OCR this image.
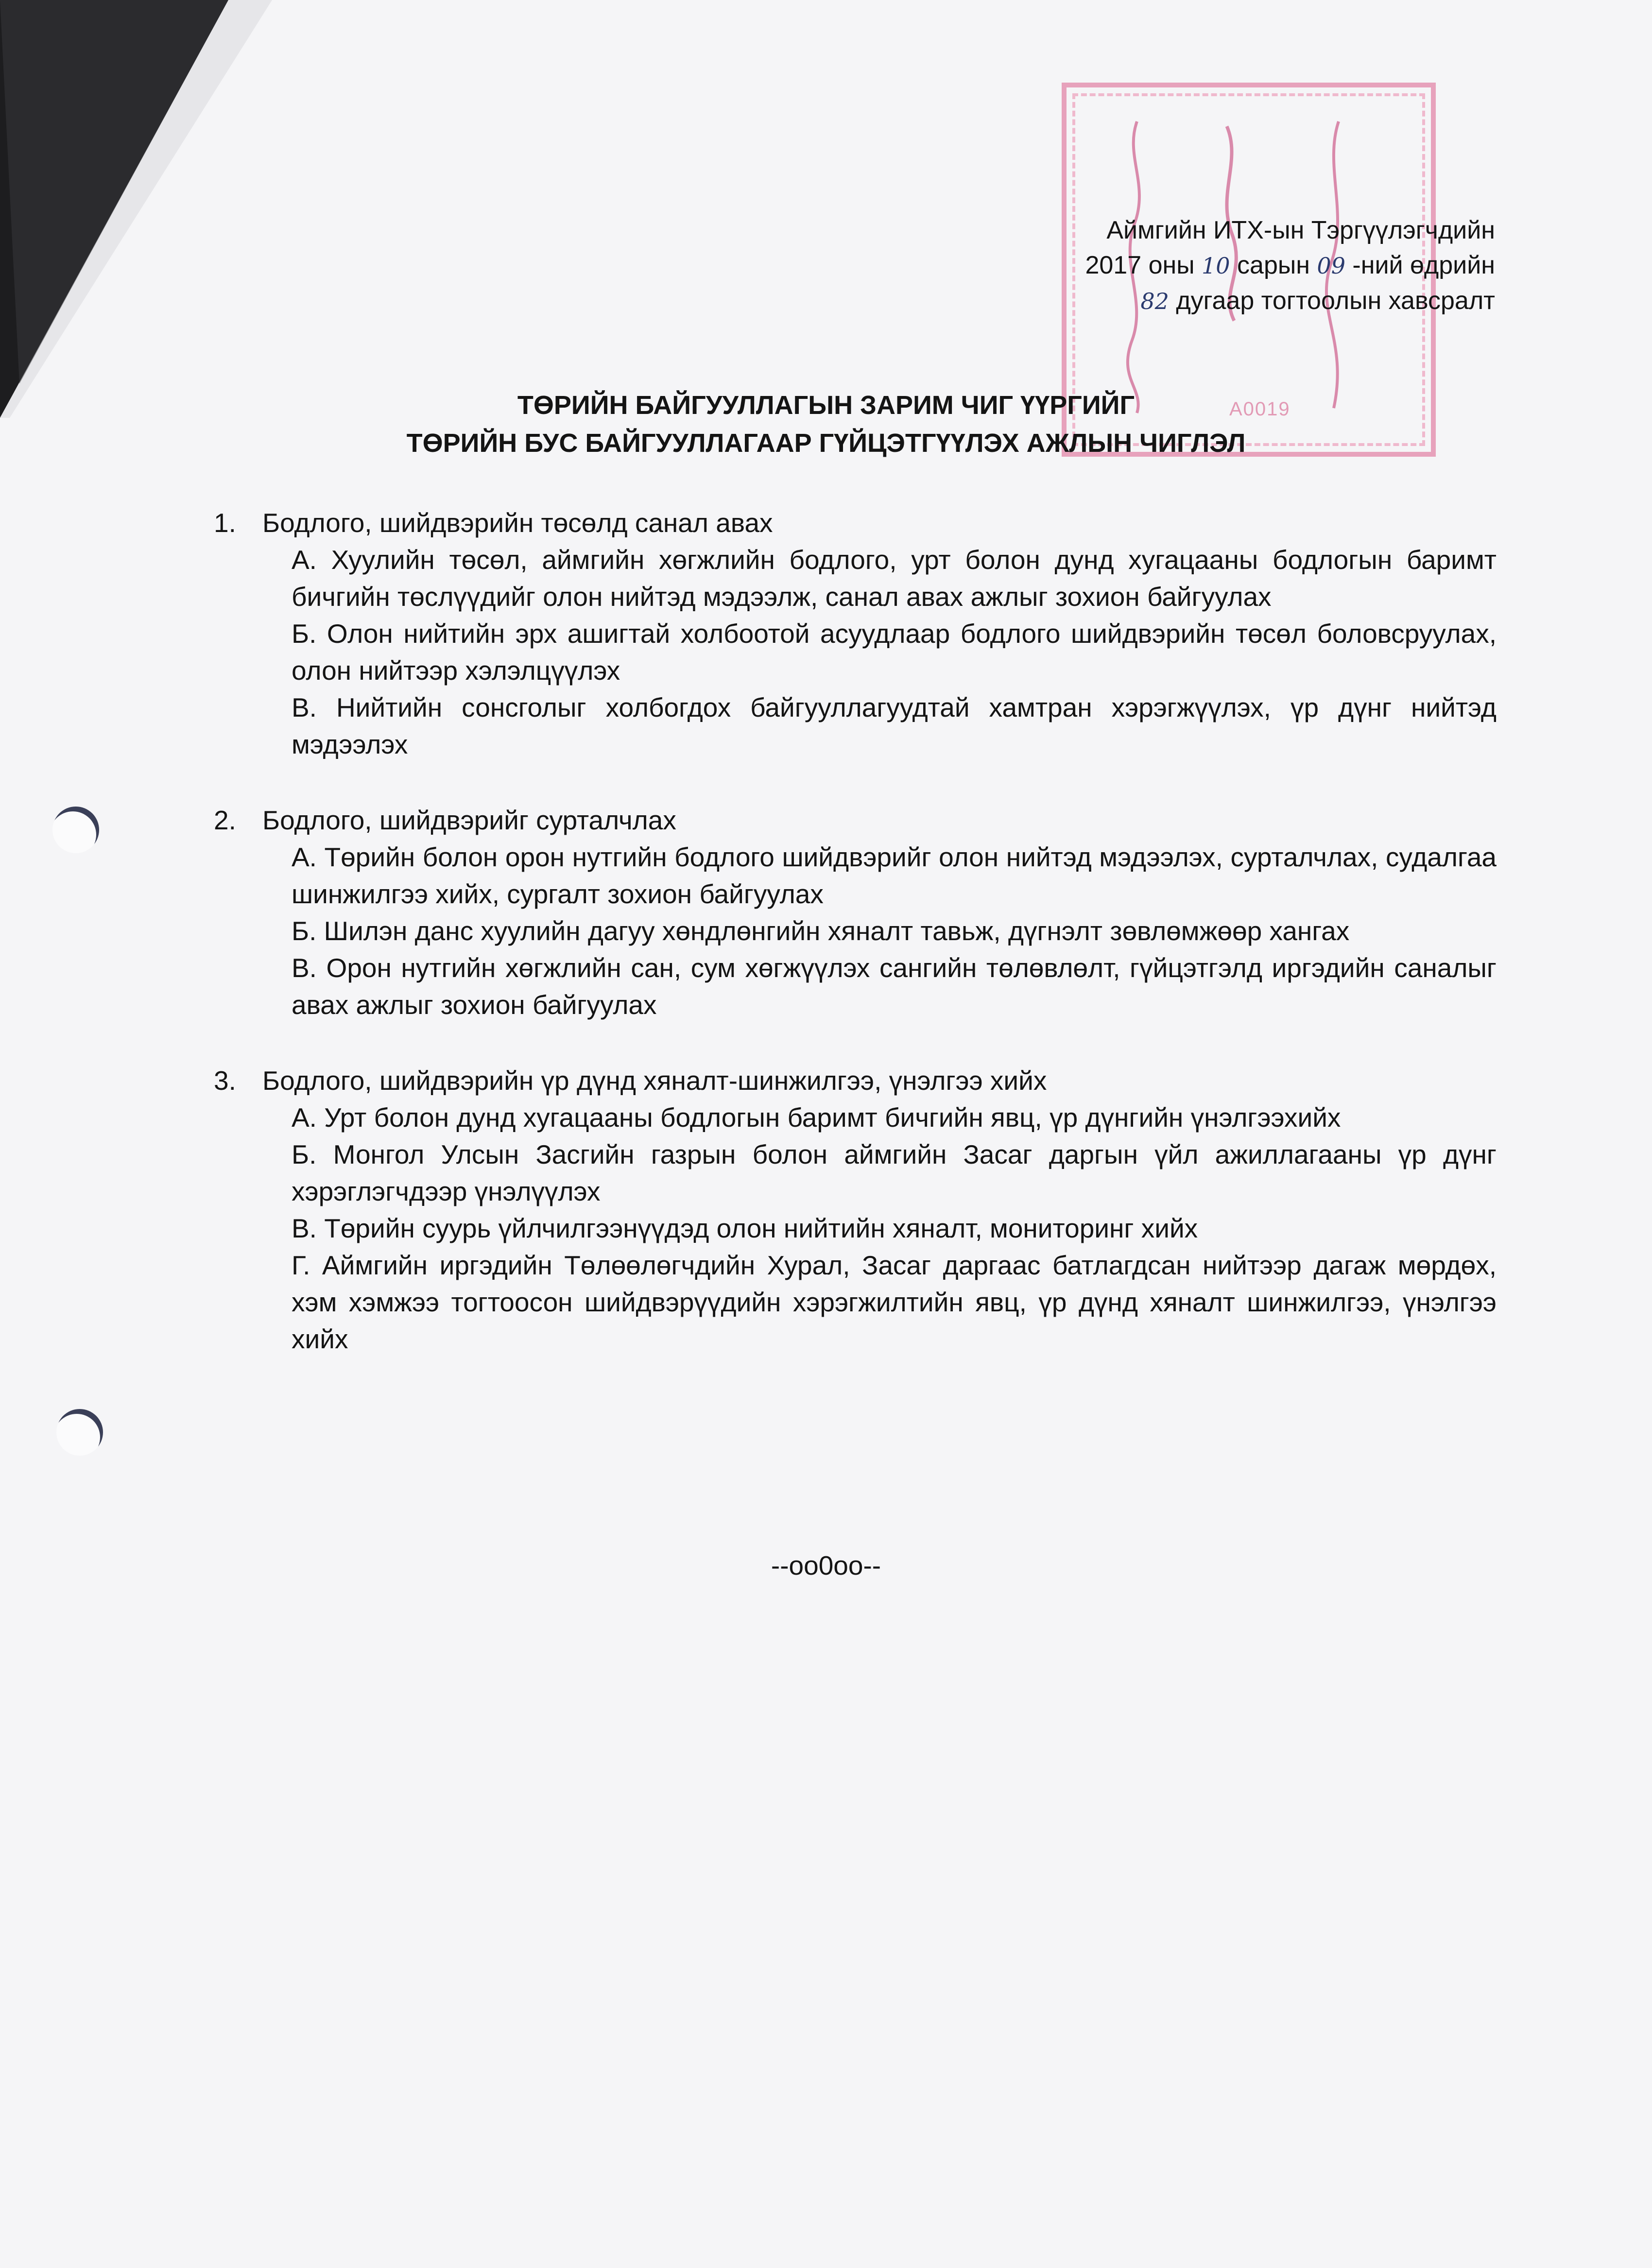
A0019
Аймгийн ИТХ-ын Тэргүүлэгчдийн
2017 оны 10 сарын 09 -ний өдрийн
82 дугаар тогтоолын хавсралт
ТӨРИЙН БАЙГУУЛЛАГЫН ЗАРИМ ЧИГ ҮҮРГИЙГ
ТӨРИЙН БУС БАЙГУУЛЛАГААР ГҮЙЦЭТГҮҮЛЭХ АЖЛЫН ЧИГЛЭЛ
1. Бодлого, шийдвэрийн төсөлд санал авах
А. Хуулийн төсөл, аймгийн хөгжлийн бодлого, урт болон дунд хугацааны бодлогын баримт бичгийн төслүүдийг олон нийтэд мэдээлж, санал авах ажлыг зохион байгуулах
Б. Олон нийтийн эрх ашигтай холбоотой асуудлаар бодлого шийдвэрийн төсөл боловсруулах, олон нийтээр хэлэлцүүлэх
В. Нийтийн сонсголыг холбогдох байгууллагуудтай хамтран хэрэгжүүлэх, үр дүнг нийтэд мэдээлэх
2. Бодлого, шийдвэрийг сурталчлах
А. Төрийн болон орон нутгийн бодлого шийдвэрийг олон нийтэд мэдээлэх, сурталчлах, судалгаа шинжилгээ хийх, сургалт зохион байгуулах
Б. Шилэн данс хуулийн дагуу хөндлөнгийн хяналт тавьж, дүгнэлт зөвлөмжөөр хангах
В. Орон нутгийн хөгжлийн сан, сум хөгжүүлэх сангийн төлөвлөлт, гүйцэтгэлд иргэдийн саналыг авах ажлыг зохион байгуулах
3. Бодлого, шийдвэрийн үр дүнд хяналт-шинжилгээ, үнэлгээ хийх
А. Урт болон дунд хугацааны бодлогын баримт бичгийн явц, үр дүнгийн үнэлгээхийх
Б. Монгол Улсын Засгийн газрын болон аймгийн Засаг даргын үйл ажиллагааны үр дүнг хэрэглэгчдээр үнэлүүлэх
В. Төрийн суурь үйлчилгээнүүдэд олон нийтийн хяналт, мониторинг хийх
Г. Аймгийн иргэдийн Төлөөлөгчдийн Хурал, Засаг даргаас батлагдсан нийтээр дагаж мөрдөх, хэм хэмжээ тогтоосон шийдвэрүүдийн хэрэгжилтийн явц, үр дүнд хяналт шинжилгээ, үнэлгээ хийх
--oo0oo--
